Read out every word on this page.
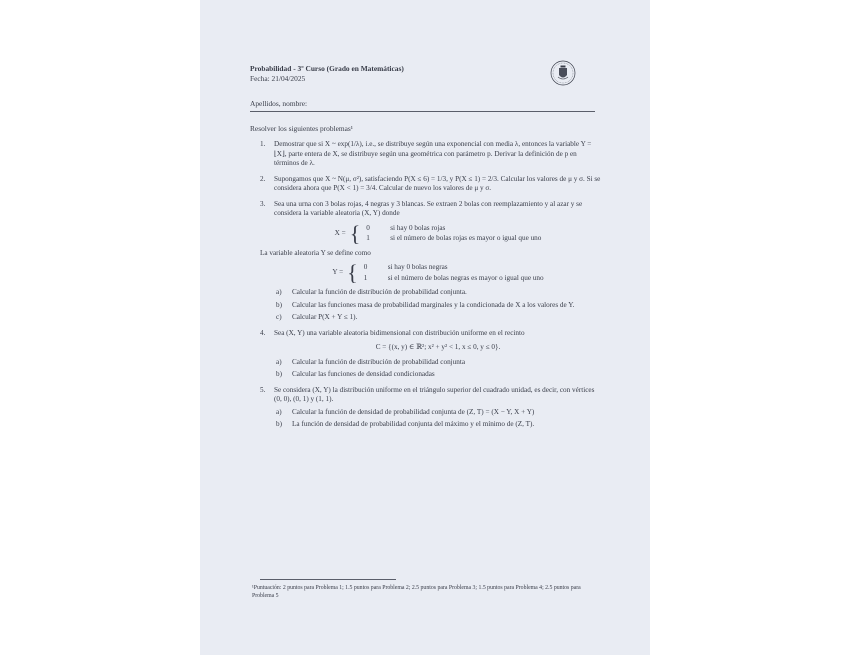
Probabilidad - 3º Curso (Grado en Matemáticas)
Fecha: 21/04/2025
Apellidos, nombre:
Resolver los siguientes problemas¹
1. Demostrar que si X ~ exp(1/λ), i.e., se distribuye según una exponencial con media λ, entonces la variable Y = ⌊X⌋, parte entera de X, se distribuye según una geométrica con parámetro p. Derivar la definición de p en términos de λ.
2. Supongamos que X ~ N(μ, σ²), satisfaciendo P(X ≤ 6) = 1/3, y P(X ≤ 1) = 2/3. Calcular los valores de μ y σ. Si se considera ahora que P(X < 1) = 3/4. Calcular de nuevo los valores de μ y σ.
3. Sea una urna con 3 bolas rojas, 4 negras y 3 blancas. Se extraen 2 bolas con reemplazamiento y al azar y se considera la variable aleatoria (X, Y) donde
X = { 0	si hay 0 bolas rojas
1	si el número de bolas rojas es mayor o igual que uno
La variable aleatoria Y se define como
Y = { 0	si hay 0 bolas negras
1	si el número de bolas negras es mayor o igual que uno
a) Calcular la función de distribución de probabilidad conjunta.
b) Calcular las funciones masa de probabilidad marginales y la condicionada de X a los valores de Y.
c) Calcular P(X + Y ≤ 1).
4. Sea (X, Y) una variable aleatoria bidimensional con distribución uniforme en el recinto
C = {(x, y) ∈ ℝ²; x² + y² < 1, x ≤ 0, y ≤ 0}.
a) Calcular la función de distribución de probabilidad conjunta
b) Calcular las funciones de densidad condicionadas
5. Se considera (X, Y) la distribución uniforme en el triángulo superior del cuadrado unidad, es decir, con vértices (0, 0), (0, 1) y (1, 1).
a) Calcular la función de densidad de probabilidad conjunta de (Z, T) = (X − Y, X + Y)
b) La función de densidad de probabilidad conjunta del máximo y el mínimo de (Z, T).
¹Puntuación: 2 puntos para Problema 1; 1.5 puntos para Problema 2; 2.5 puntos para Problema 3; 1.5 puntos para Problema 4; 2.5 puntos para Problema 5
